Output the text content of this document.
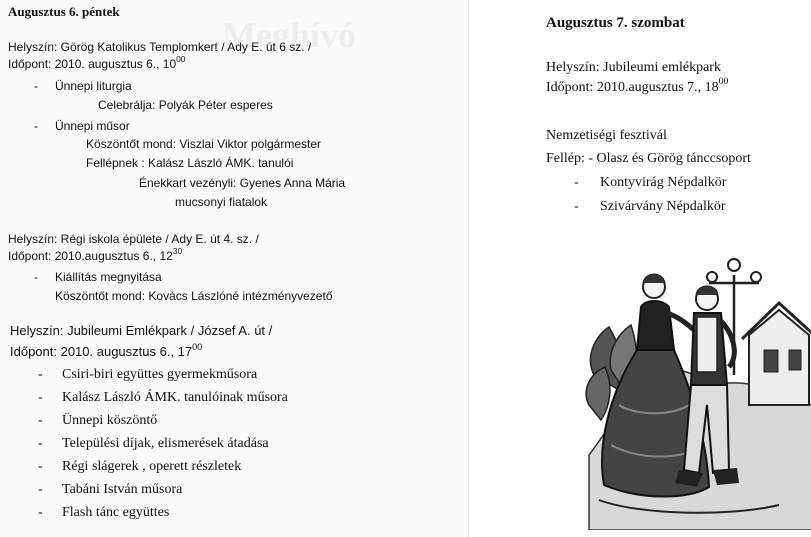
Meghívó
Augusztus 6. péntek
Helyszín: Görög Katolikus Templomkert / Ady E. út 6 sz. /
Időpont: 2010. augusztus 6., $10^{00}$
- Ünnepi liturgia
Celebrálja: Polyák Péter esperes
- Ünnepi műsor
Köszöntőt mond: Viszlai Viktor polgármester
Fellépnek : Kalász László ÁMK. tanulói
Énekkart vezényli: Gyenes Anna Mária
mucsonyi fiatalok
Helyszín: Régi iskola épülete / Ady E. út 4. sz. /
Időpont: 2010.augusztus 6., $12^{30}$
- Kiállítás megnyitása
Köszöntőt mond: Kovács Lászlóné intézményvezető
Helyszín: Jubileumi Emlékpark / József A. út /
Időpont: 2010. augusztus 6., $17^{00}$
- Csiri-biri együttes gyermekműsora
- Kalász László ÁMK. tanulóinak műsora
- Ünnepi köszöntő
- Települési díjak, elismerések átadása
- Régi slágerek , operett részletek
- Tabáni István műsora
- Flash tánc együttes
Augusztus 7. szombat
Helyszín: Jubileumi emlékpark
Időpont: 2010.augusztus 7., $18^{00}$
Nemzetiségi fesztivál
Fellép: - Olasz és Görög tánccsoport
- Kontyvirág Népdalkör
- Szivárvány Népdalkör
